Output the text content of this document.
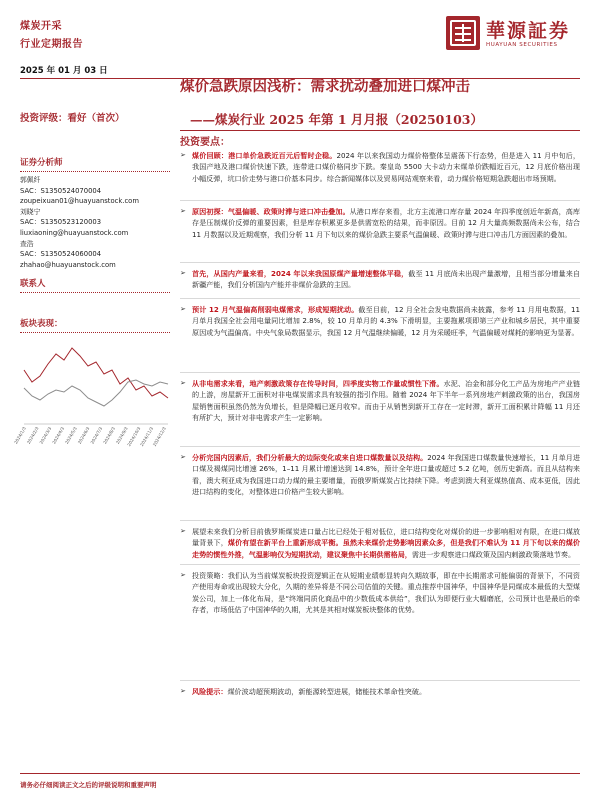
煤炭开采
行业定期报告
華源証券
HUAYUAN SECURITIES
2025 年 01 月 03 日
煤价急跌原因浅析：需求扰动叠加进口煤冲击
——煤炭行业 2025 年第 1 月月报（20250103）
投资评级：看好（首次）
证券分析师
郭佩纤
SAC：S1350524070004
zoupeixuan01@huayuanstock.com
刘晓宁
SAC：S1350523120003
liuxiaoning@huayuanstock.com
查浩
SAC：S1350524060004
zhahao@huayuanstock.com
联系人
板块表现：
2024/1/3
2024/2/3
2024/3/3
2024/4/3
2024/5/3
2024/6/3
2024/7/3
2024/8/3
2024/9/3
2024/10/3
2024/11/3
2024/12/3
投资要点：
➢ 煤价回顾：港口单价急跌近百元后暂时企稳。2024 年以来我国动力煤价格整体呈震荡下行态势，但是进入 11 月中旬后，我国产地及港口煤价快速下跌，连带进口煤价格同步下跌。秦皇岛 5500 大卡动力末煤单价跌幅近百元，12 月底价格出现小幅反弹，坑口价走势与港口价基本同步。综合新闻媒体以及贸易网站观察来看，动力煤价格短期急跌超出市场预期。
➢ 原因初探：气温偏暖、政策时滞与进口冲击叠加。从港口库存来看，北方主流港口库存量 2024 年四季度创近年新高，高库存是压制煤价反弹的重要因素，但是库存积累更多是供需宽松的结果，而非原因。目前 12 月大量高频数据尚未公布，结合 11 月数据以及近期观察，我们分析 11 月下旬以来的煤价急跌主要系气温偏暖、政策时滞与进口冲击几方面因素的叠加。
➢ 首先，从国内产量来看，2024 年以来我国原煤产量增速整体平稳，截至 11 月底尚未出现产量激增，且相当部分增量来自新疆产能，我们分析国内产能并非煤价急跌的主因。
➢ 预计 12 月气温偏高削弱电煤需求，形成短期扰动。截至目前，12 月全社会发电数据尚未披露，参考 11 月用电数据，11 月单月我国全社会用电量同比增加 2.8%，较 10 月单月的 4.3% 下滑明显，主要拖累项即第三产业和城乡居民，其中重要原因或为气温偏高。中央气象局数据显示，我国 12 月气温继续偏暖，12 月为采暖旺季，气温偏暖对煤耗的影响更为显著。
➢ 从非电需求来看，地产刺激政策存在传导时间，四季度实物工作量或惯性下滑。水泥、冶金和部分化工产品为房地产产业链的上游，房屋新开工面积对非电煤炭需求具有较强的指引作用。随着 2024 年下半年一系列房地产刺激政策的出台，我国房屋销售面积虽然仍然为负增长，但是降幅已逐月收窄。而由于从销售到新开工存在一定时滞，新开工面积累计降幅 11 月还有所扩大，预计对非电需求产生一定影响。
➢ 分析完国内因素后，我们分析最大的边际变化或来自进口煤数量以及结构。2024 年我国进口煤数量快速增长，11 月单月进口煤及褐煤同比增速 26%，1–11 月累计增速达到 14.8%，预计全年进口量或超过 5.2 亿吨，创历史新高。而且从结构来看，澳大利亚成为我国进口动力煤的最主要增量，而俄罗斯煤炭占比持续下降。考虑到澳大利亚煤热值高、成本更低，因此进口结构的变化，对整体进口价格产生较大影响。
➢ 展望未来我们分析目前俄罗斯煤炭进口量占比已经处于相对低位，进口结构变化对煤价的进一步影响相对有限，在进口煤放量背景下，煤价有望在新平台上重新形成平衡。虽然未来煤价走势影响因素众多，但是我们不难认为 11 月下旬以来的煤价走势的惯性外推，气温影响仅为短期扰动，建议聚焦中长期供需格局，需进一步观察进口煤政策及国内刺激政策落地节奏。
➢ 投资策略：我们认为当前煤炭板块投资逻辑正在从短期业绩彰显转向久期故事，即在中长期需求可能偏弱的背景下，不同资产使用寿命或出现较大分化，久期的差异将是不同公司估值的关键。重点推荐中国神华，中国神华是同煤成本最低的大型煤炭公司，加上一体化布局，是“终端同质化商品中的少数低成本供给”，我们认为即便行业大幅磨底，公司预计也是最后的牵存者，市场低估了中国神华的久期，尤其是其相对煤炭板块整体的优势。
➢ 风险提示：煤价波动超预期波动，新能源转型进展，储能技术革命性突破。
请务必仔细阅读正文之后的评级说明和重要声明
